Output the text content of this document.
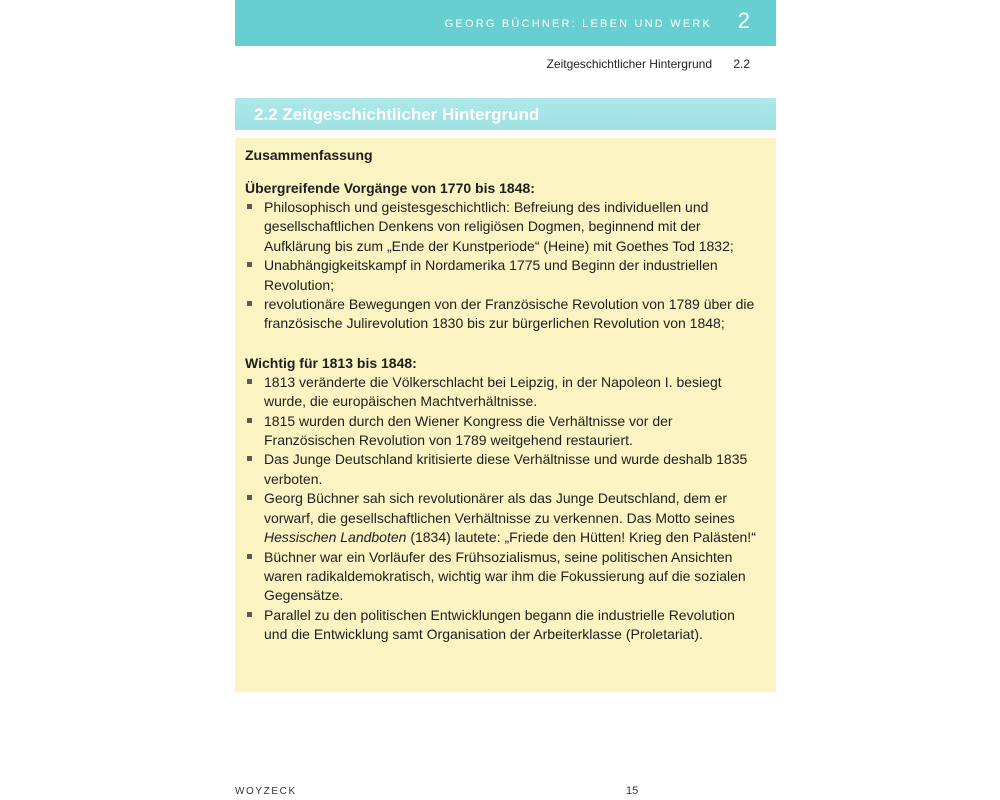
GEORG BÜCHNER: LEBEN UND WERK 2
Zeitgeschichtlicher Hintergrund 2.2
2.2 Zeitgeschichtlicher Hintergrund

Zusammenfassung

Übergreifende Vorgänge von 1770 bis 1848:

Philosophisch und geistesgeschichtlich: Befreiung des individuellen und gesellschaftlichen Denkens von religiösen Dogmen, beginnend mit der Aufklärung bis zum „Ende der Kunstperiode“ (Heine) mit Goethes Tod 1832;
Unabhängigkeitskampf in Nordamerika 1775 und Beginn der industriellen Revolution;
revolutionäre Bewegungen von der Französische Revolution von 1789 über die französische Julirevolution 1830 bis zur bürgerlichen Revolution von 1848;

Wichtig für 1813 bis 1848:

1813 veränderte die Völkerschlacht bei Leipzig, in der Napoleon I. besiegt wurde, die europäischen Machtverhältnisse.
1815 wurden durch den Wiener Kongress die Verhältnisse vor der Französischen Revolution von 1789 weitgehend restauriert.
Das Junge Deutschland kritisierte diese Verhältnisse und wurde deshalb 1835 verboten.
Georg Büchner sah sich revolutionärer als das Junge Deutschland, dem er vorwarf, die gesellschaftlichen Verhältnisse zu verkennen. Das Motto seines Hessischen Landboten (1834) lautete: „Friede den Hütten! Krieg den Palästen!“
Büchner war ein Vorläufer des Frühsozialismus, seine politischen Ansichten waren radikaldemokratisch, wichtig war ihm die Fokussierung auf die sozialen Gegensätze.
Parallel zu den politischen Entwicklungen begann die industrielle Revolution und die Entwicklung samt Organisation der Arbeiterklasse (Proletariat).
WOYZECK	15
